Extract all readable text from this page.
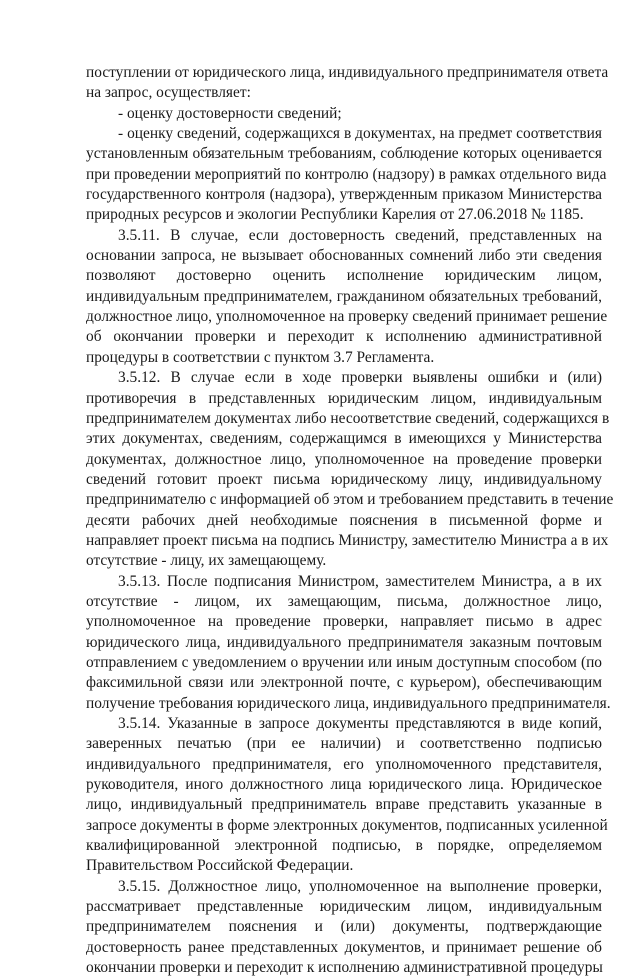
поступлении от юридического лица, индивидуального предпринимателя ответа
на запрос, осуществляет:
- оценку достоверности сведений;
- оценку сведений, содержащихся в документах, на предмет соответствия
установленным обязательным требованиям, соблюдение которых оценивается
при проведении мероприятий по контролю (надзору) в рамках отдельного вида
государственного контроля (надзора), утвержденным приказом Министерства
природных ресурсов и экологии Республики Карелия от 27.06.2018 № 1185.
3.5.11. В случае, если достоверность сведений, представленных на
основании запроса, не вызывает обоснованных сомнений либо эти сведения
позволяют достоверно оценить исполнение юридическим лицом,
индивидуальным предпринимателем, гражданином обязательных требований,
должностное лицо, уполномоченное на проверку сведений принимает решение
об окончании проверки и переходит к исполнению административной
процедуры в соответствии с пунктом 3.7 Регламента.
3.5.12. В случае если в ходе проверки выявлены ошибки и (или)
противоречия в представленных юридическим лицом, индивидуальным
предпринимателем документах либо несоответствие сведений, содержащихся в
этих документах, сведениям, содержащимся в имеющихся у Министерства
документах, должностное лицо, уполномоченное на проведение проверки
сведений готовит проект письма юридическому лицу, индивидуальному
предпринимателю с информацией об этом и требованием представить в течение
десяти рабочих дней необходимые пояснения в письменной форме и
направляет проект письма на подпись Министру, заместителю Министра а в их
отсутствие - лицу, их замещающему.
3.5.13. После подписания Министром, заместителем Министра, а в их
отсутствие - лицом, их замещающим, письма, должностное лицо,
уполномоченное на проведение проверки, направляет письмо в адрес
юридического лица, индивидуального предпринимателя заказным почтовым
отправлением с уведомлением о вручении или иным доступным способом (по
факсимильной связи или электронной почте, с курьером), обеспечивающим
получение требования юридического лица, индивидуального предпринимателя.
3.5.14. Указанные в запросе документы представляются в виде копий,
заверенных печатью (при ее наличии) и соответственно подписью
индивидуального предпринимателя, его уполномоченного представителя,
руководителя, иного должностного лица юридического лица. Юридическое
лицо, индивидуальный предприниматель вправе представить указанные в
запросе документы в форме электронных документов, подписанных усиленной
квалифицированной электронной подписью, в порядке, определяемом
Правительством Российской Федерации.
3.5.15. Должностное лицо, уполномоченное на выполнение проверки,
рассматривает представленные юридическим лицом, индивидуальным
предпринимателем пояснения и (или) документы, подтверждающие
достоверность ранее представленных документов, и принимает решение об
окончании проверки и переходит к исполнению административной процедуры
